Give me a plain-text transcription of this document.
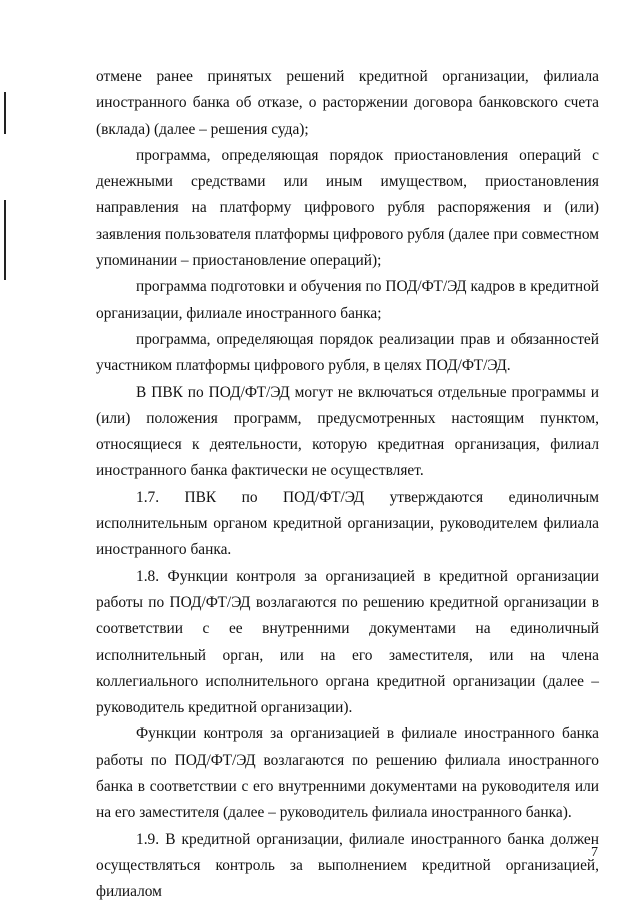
отмене ранее принятых решений кредитной организации, филиала иностранного банка об отказе, о расторжении договора банковского счета (вклада) (далее – решения суда);

программа, определяющая порядок приостановления операций с денежными средствами или иным имуществом, приостановления направления на платформу цифрового рубля распоряжения и (или) заявления пользователя платформы цифрового рубля (далее при совместном упоминании – приостановление операций);

программа подготовки и обучения по ПОД/ФТ/ЭД кадров в кредитной организации, филиале иностранного банка;

программа, определяющая порядок реализации прав и обязанностей участником платформы цифрового рубля, в целях ПОД/ФТ/ЭД.

В ПВК по ПОД/ФТ/ЭД могут не включаться отдельные программы и (или) положения программ, предусмотренных настоящим пунктом, относящиеся к деятельности, которую кредитная организация, филиал иностранного банка фактически не осуществляет.

1.7. ПВК по ПОД/ФТ/ЭД утверждаются единоличным исполнительным органом кредитной организации, руководителем филиала иностранного банка.

1.8. Функции контроля за организацией в кредитной организации работы по ПОД/ФТ/ЭД возлагаются по решению кредитной организации в соответствии с ее внутренними документами на единоличный исполнительный орган, или на его заместителя, или на члена коллегиального исполнительного органа кредитной организации (далее – руководитель кредитной организации).

Функции контроля за организацией в филиале иностранного банка работы по ПОД/ФТ/ЭД возлагаются по решению филиала иностранного банка в соответствии с его внутренними документами на руководителя или на его заместителя (далее – руководитель филиала иностранного банка).

1.9. В кредитной организации, филиале иностранного банка должен осуществляться контроль за выполнением кредитной организацией, филиалом

7
